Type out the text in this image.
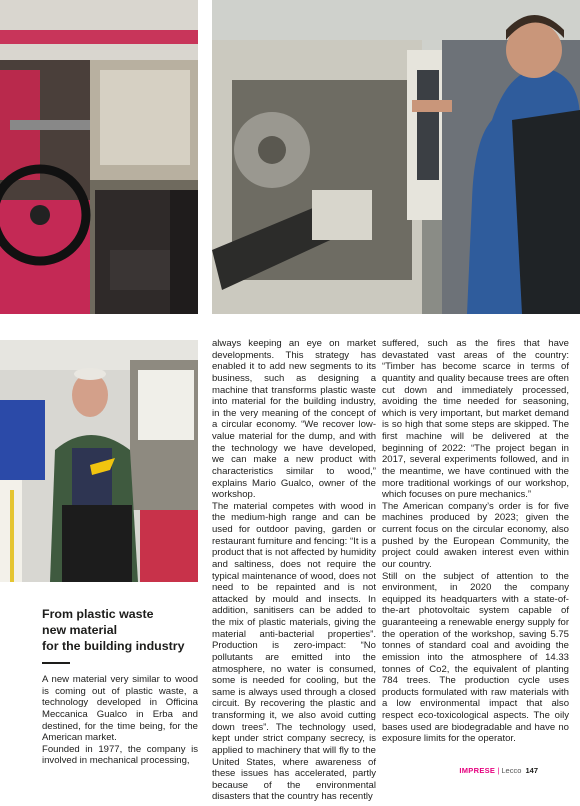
always keeping an eye on market developments. This strategy has enabled it to add new segments to its business, such as designing a machine that transforms plastic waste into material for the building industry, in the very meaning of the concept of a circular economy. “We recover low-value material for the dump, and with the technology we have developed, we can make a new product with characteristics similar to wood,” explains Mario Gualco, owner of the workshop.

The material competes with wood in the medium-high range and can be used for outdoor paving, garden or restaurant furniture and fencing: “It is a product that is not affected by humidity and saltiness, does not require the typical maintenance of wood, does not need to be repainted and is not attacked by mould and insects. In addition, sanitisers can be added to the mix of plastic materials, giving the material anti-bacterial properties”. Production is zero-impact: “No pollutants are emitted into the atmosphere, no water is consumed, some is needed for cooling, but the same is always used through a closed circuit. By recovering the plastic and transforming it, we also avoid cutting down trees”. The technology used, kept under strict company secrecy, is applied to machinery that will fly to the United States, where awareness of these issues has accelerated, partly because of the environmental disasters that the country has recently

suffered, such as the fires that have devastated vast areas of the country: “Timber has become scarce in terms of quantity and quality because trees are often cut down and immediately processed, avoiding the time needed for seasoning, which is very important, but market demand is so high that some steps are skipped. The first machine will be delivered at the beginning of 2022: “The project began in 2017, several experiments followed, and in the meantime, we have continued with the more traditional workings of our workshop, which focuses on pure mechanics.”

The American company’s order is for five machines produced by 2023; given the current focus on the circular economy, also pushed by the European Community, the project could awaken interest even within our country.

Still on the subject of attention to the environment, in 2020 the company equipped its headquarters with a state-of-the-art photovoltaic system capable of guaranteeing a renewable energy supply for the operation of the workshop, saving 5.75 tonnes of standard coal and avoiding the emission into the atmosphere of 14.33 tonnes of Co2, the equivalent of planting 784 trees. The production cycle uses products formulated with raw materials with a low environmental impact that also respect eco-toxicological aspects. The oily bases used are biodegradable and have no exposure limits for the operator.

From plastic waste
new material
for the building industry

A new material very similar to wood is coming out of plastic waste, a technology developed in Officina Meccanica Gualco in Erba and destined, for the time being, for the American market.

Founded in 1977, the company is involved in mechanical processing,

IMPRESE | Lecco 147
